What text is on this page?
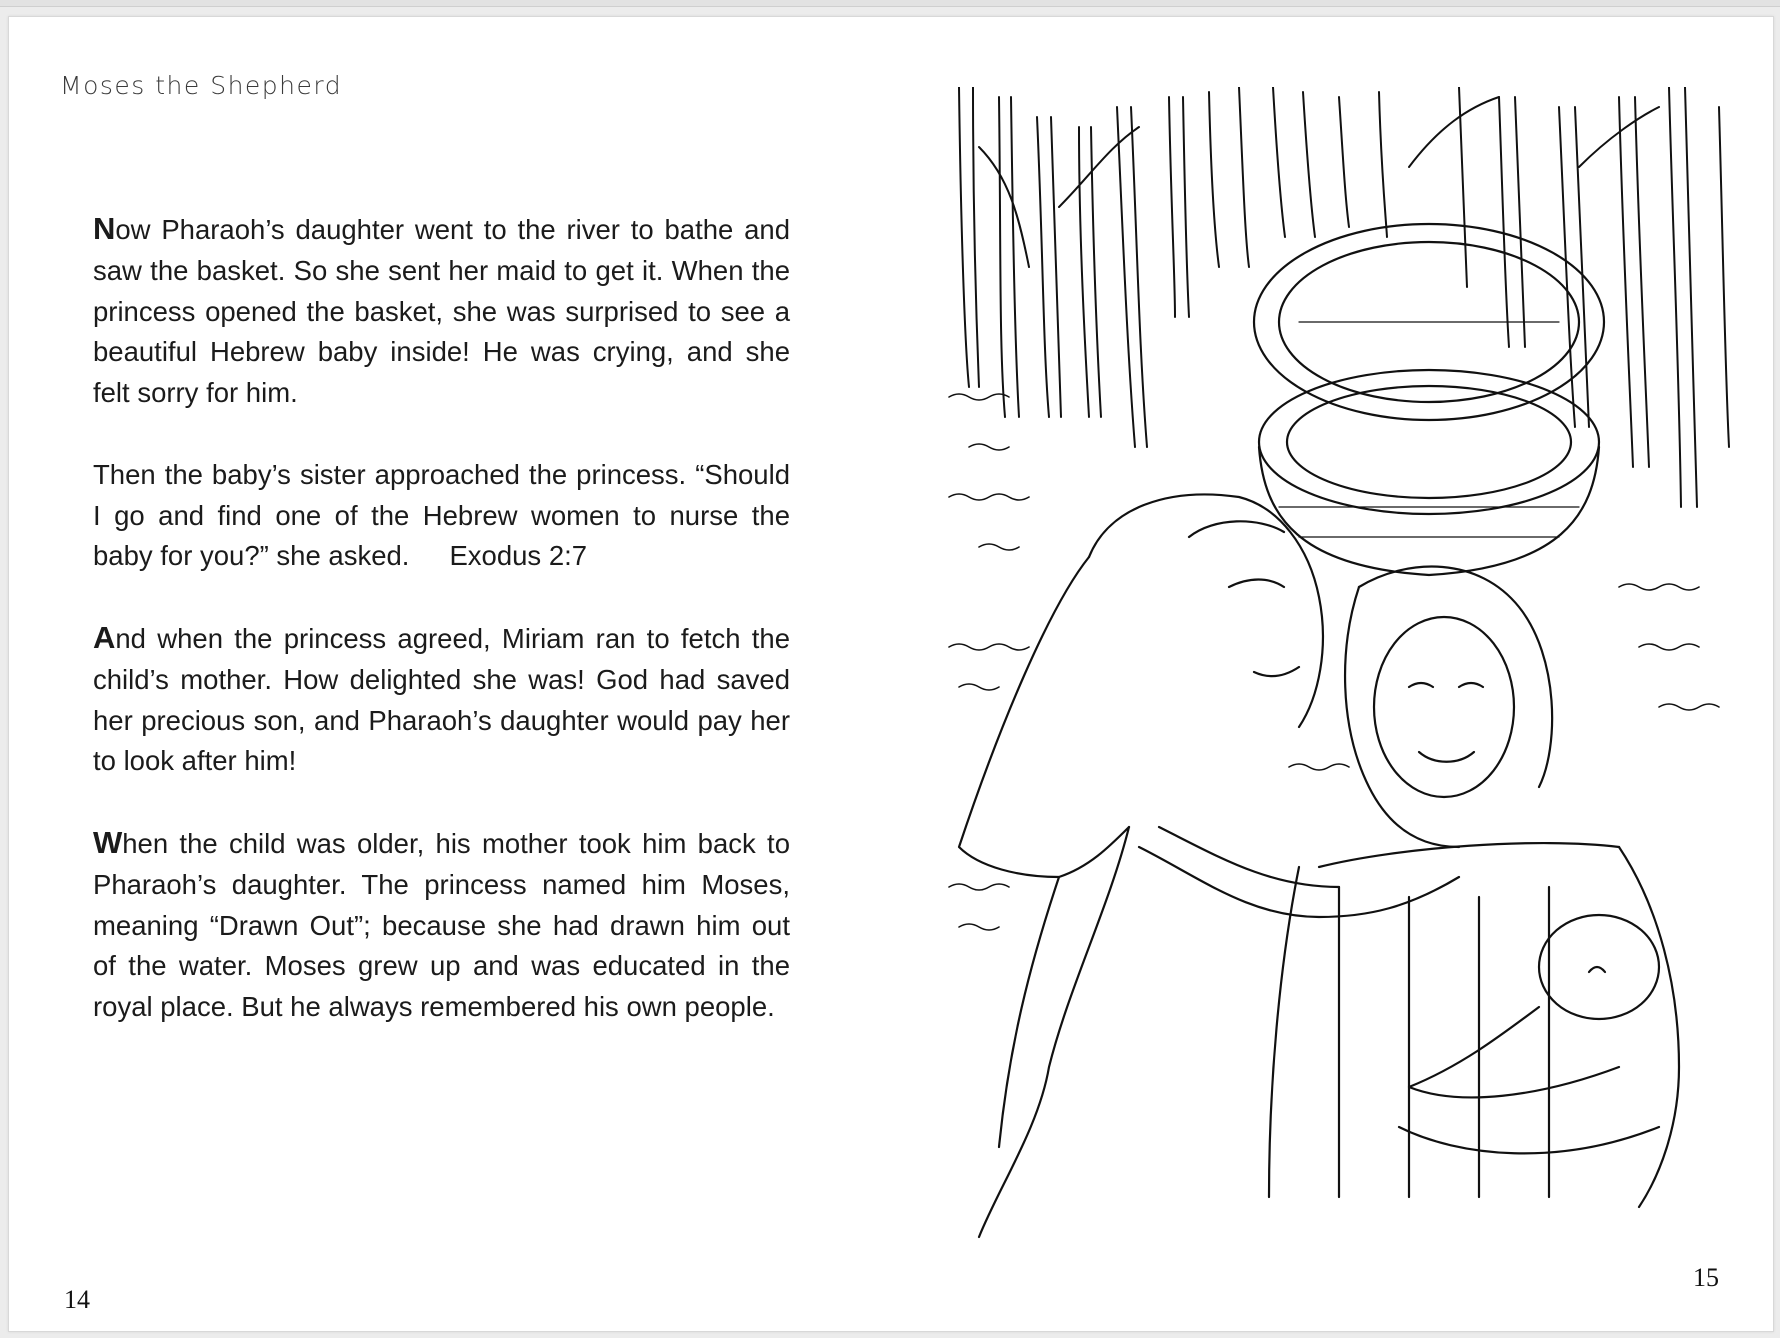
Moses the Shepherd

Now Pharaoh’s daughter went to the river to bathe and saw the basket. So she sent her maid to get it. When the princess opened the basket, she was surprised to see a beautiful Hebrew baby inside! He was crying, and she felt sorry for him.

Then the baby’s sister approached the princess. “Should I go and find one of the Hebrew women to nurse the baby for you?” she asked. Exodus 2:7

And when the princess agreed, Miriam ran to fetch the child’s mother. How delighted she was! God had saved her precious son, and Pharaoh’s daughter would pay her to look after him!

When the child was older, his mother took him back to Pharaoh’s daughter. The princess named him Moses, meaning “Drawn Out”; because she had drawn him out of the water. Moses grew up and was educated in the royal place. But he always remembered his own people.

14
15
